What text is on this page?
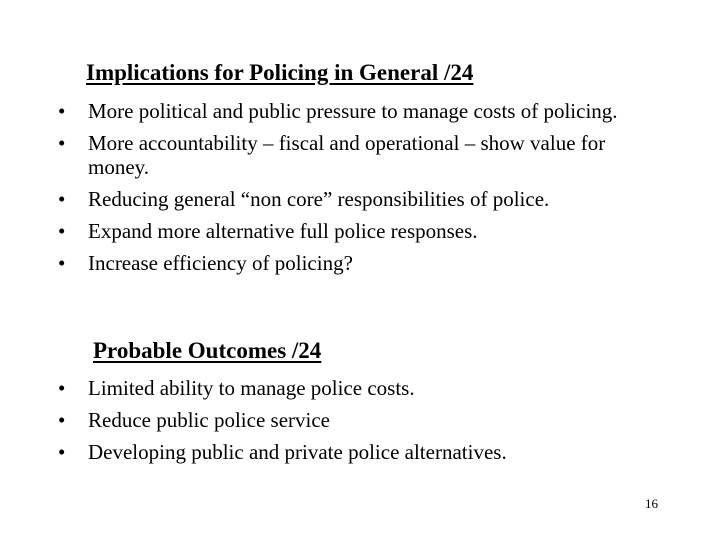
Implications for Policing in General /24
• More political and public pressure to manage costs of policing.
• More accountability – fiscal and operational – show value for money.
• Reducing general “non core” responsibilities of police.
• Expand more alternative full police responses.
• Increase efficiency of policing?
Probable Outcomes /24
• Limited ability to manage police costs.
• Reduce public police service
• Developing public and private police alternatives.
16
